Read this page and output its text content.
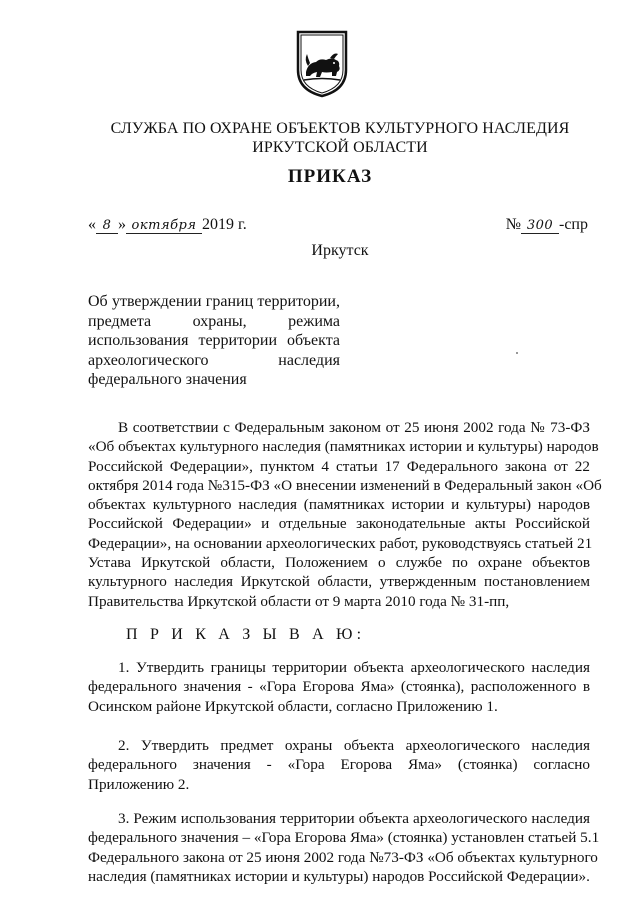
СЛУЖБА ПО ОХРАНЕ ОБЪЕКТОВ КУЛЬТУРНОГО НАСЛЕДИЯ
ИРКУТСКОЙ ОБЛАСТИ
ПРИКАЗ
« 8 » октября 2019 г.	№ 300 -спр
Иркутск
Об утверждении границ территории,
предмета охраны, режима
использования территории объекта
археологического наследия
федерального значения
В соответствии с Федеральным законом от 25 июня 2002 года № 73-ФЗ
«Об объектах культурного наследия (памятниках истории и культуры) народов
Российской Федерации», пунктом 4 статьи 17 Федерального закона от 22
октября 2014 года №315-ФЗ «О внесении изменений в Федеральный закон «Об
объектах культурного наследия (памятниках истории и культуры) народов
Российской Федерации» и отдельные законодательные акты Российской
Федерации», на основании археологических работ, руководствуясь статьей 21
Устава Иркутской области, Положением о службе по охране объектов
культурного наследия Иркутской области, утвержденным постановлением
Правительства Иркутской области от 9 марта 2010 года № 31-пп,
П Р И К А З Ы В А Ю:
1. Утвердить границы территории объекта археологического наследия
федерального значения - «Гора Егорова Яма» (стоянка), расположенного в
Осинском районе Иркутской области, согласно Приложению 1.
2. Утвердить предмет охраны объекта археологического наследия
федерального значения - «Гора Егорова Яма» (стоянка) согласно
Приложению 2.
3. Режим использования территории объекта археологического наследия
федерального значения – «Гора Егорова Яма» (стоянка) установлен статьей 5.1
Федерального закона от 25 июня 2002 года №73-ФЗ «Об объектах культурного
наследия (памятниках истории и культуры) народов Российской Федерации».
